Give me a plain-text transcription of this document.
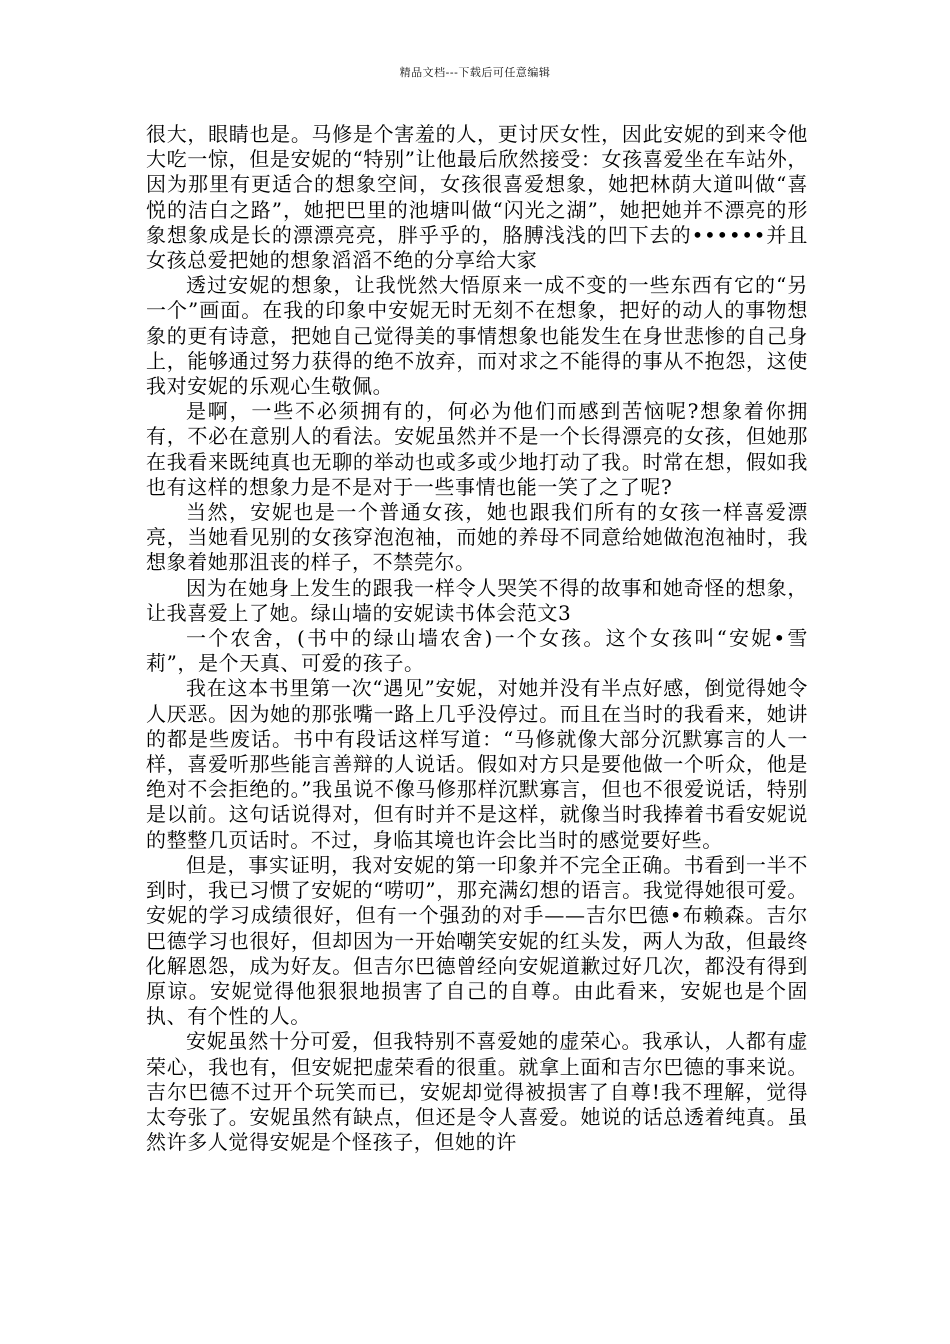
精品文档---下载后可任意编辑

很大，眼睛也是。马修是个害羞的人，更讨厌女性，因此安妮的到来令他大吃一惊，但是安妮的“特别”让他最后欣然接受：女孩喜爱坐在车站外，因为那里有更适合的想象空间，女孩很喜爱想象，她把林荫大道叫做“喜悦的洁白之路”，她把巴里的池塘叫做“闪光之湖”，她把她并不漂亮的形象想象成是长的漂漂亮亮，胖乎乎的，胳膊浅浅的凹下去的••••••并且女孩总爱把她的想象滔滔不绝的分享给大家

透过安妮的想象，让我恍然大悟原来一成不变的一些东西有它的“另一个”画面。在我的印象中安妮无时无刻不在想象，把好的动人的事物想象的更有诗意，把她自己觉得美的事情想象也能发生在身世悲惨的自己身上，能够通过努力获得的绝不放弃，而对求之不能得的事从不抱怨，这使我对安妮的乐观心生敬佩。

是啊，一些不必须拥有的，何必为他们而感到苦恼呢?想象着你拥有，不必在意别人的看法。安妮虽然并不是一个长得漂亮的女孩，但她那在我看来既纯真也无聊的举动也或多或少地打动了我。时常在想，假如我也有这样的想象力是不是对于一些事情也能一笑了之了呢?

当然，安妮也是一个普通女孩，她也跟我们所有的女孩一样喜爱漂亮，当她看见别的女孩穿泡泡袖，而她的养母不同意给她做泡泡袖时，我想象着她那沮丧的样子，不禁莞尔。

因为在她身上发生的跟我一样令人哭笑不得的故事和她奇怪的想象，让我喜爱上了她。绿山墙的安妮读书体会范文3

一个农舍，(书中的绿山墙农舍)一个女孩。这个女孩叫“安妮•雪莉”，是个天真、可爱的孩子。

我在这本书里第一次“遇见”安妮，对她并没有半点好感，倒觉得她令人厌恶。因为她的那张嘴一路上几乎没停过。而且在当时的我看来，她讲的都是些废话。书中有段话这样写道：“马修就像大部分沉默寡言的人一样，喜爱听那些能言善辩的人说话。假如对方只是要他做一个听众，他是绝对不会拒绝的。”我虽说不像马修那样沉默寡言，但也不很爱说话，特别是以前。这句话说得对，但有时并不是这样，就像当时我捧着书看安妮说的整整几页话时。不过，身临其境也许会比当时的感觉要好些。

但是，事实证明，我对安妮的第一印象并不完全正确。书看到一半不到时，我已习惯了安妮的“唠叨”，那充满幻想的语言。我觉得她很可爱。安妮的学习成绩很好，但有一个强劲的对手——吉尔巴德•布赖森。吉尔巴德学习也很好，但却因为一开始嘲笑安妮的红头发，两人为敌，但最终化解恩怨，成为好友。但吉尔巴德曾经向安妮道歉过好几次，都没有得到原谅。安妮觉得他狠狠地损害了自己的自尊。由此看来，安妮也是个固执、有个性的人。

安妮虽然十分可爱，但我特别不喜爱她的虚荣心。我承认，人都有虚荣心，我也有，但安妮把虚荣看的很重。就拿上面和吉尔巴德的事来说。吉尔巴德不过开个玩笑而已，安妮却觉得被损害了自尊!我不理解，觉得太夸张了。安妮虽然有缺点，但还是令人喜爱。她说的话总透着纯真。虽然许多人觉得安妮是个怪孩子，但她的许
